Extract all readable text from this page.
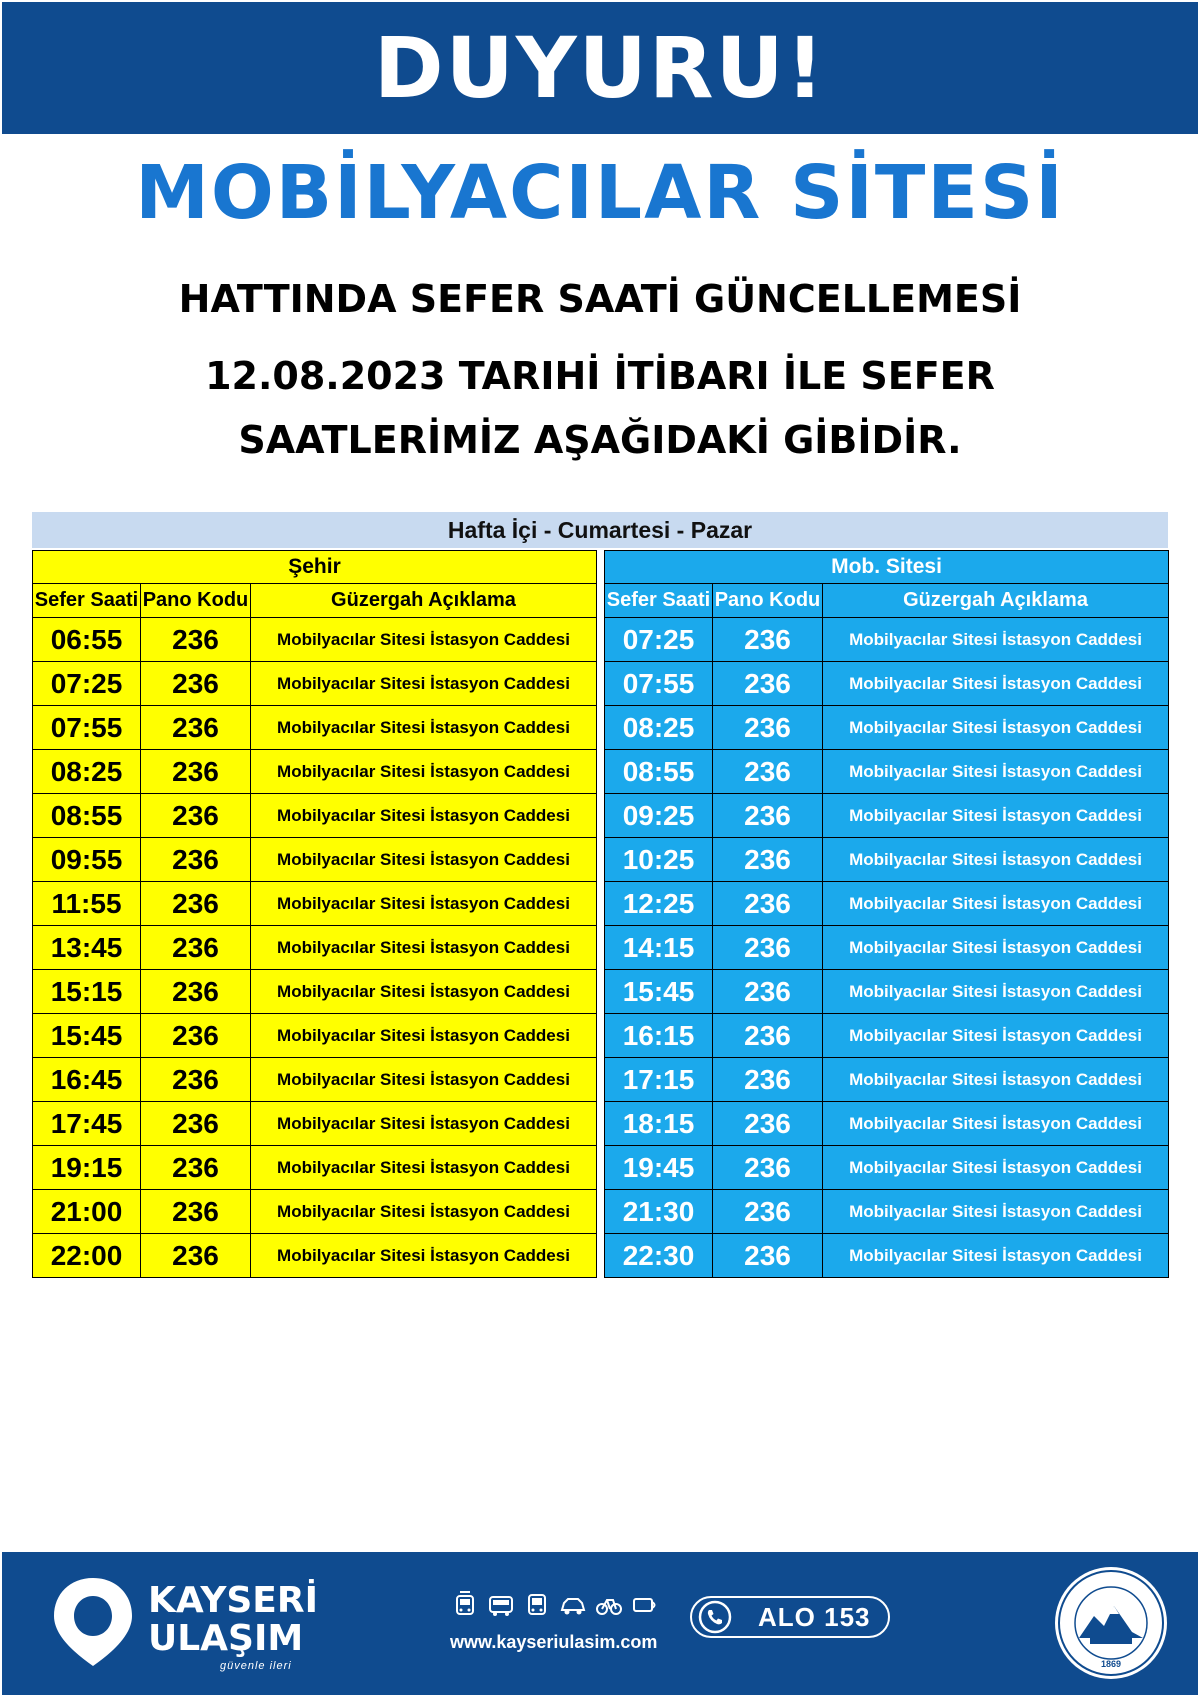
DUYURU!
MOBİLYACILAR SİTESİ
HATTINDA SEFER SAATİ GÜNCELLEMESİ
12.08.2023 TARIHİ İTİBARI İLE SEFER
SAATLERİMİZ AŞAĞIDAKİ GİBİDİR.
Hafta İçi - Cumartesi - Pazar
Şehir		
Sefer Saati	Pano Kodu	Güzergah Açıklama
06:55	236	Mobilyacılar Sitesi İstasyon Caddesi
07:25	236	Mobilyacılar Sitesi İstasyon Caddesi
07:55	236	Mobilyacılar Sitesi İstasyon Caddesi
08:25	236	Mobilyacılar Sitesi İstasyon Caddesi
08:55	236	Mobilyacılar Sitesi İstasyon Caddesi
09:55	236	Mobilyacılar Sitesi İstasyon Caddesi
11:55	236	Mobilyacılar Sitesi İstasyon Caddesi
13:45	236	Mobilyacılar Sitesi İstasyon Caddesi
15:15	236	Mobilyacılar Sitesi İstasyon Caddesi
15:45	236	Mobilyacılar Sitesi İstasyon Caddesi
16:45	236	Mobilyacılar Sitesi İstasyon Caddesi
17:45	236	Mobilyacılar Sitesi İstasyon Caddesi
19:15	236	Mobilyacılar Sitesi İstasyon Caddesi
21:00	236	Mobilyacılar Sitesi İstasyon Caddesi
22:00	236	Mobilyacılar Sitesi İstasyon Caddesi
Mob. Sitesi		
Sefer Saati	Pano Kodu	Güzergah Açıklama
07:25	236	Mobilyacılar Sitesi İstasyon Caddesi
07:55	236	Mobilyacılar Sitesi İstasyon Caddesi
08:25	236	Mobilyacılar Sitesi İstasyon Caddesi
08:55	236	Mobilyacılar Sitesi İstasyon Caddesi
09:25	236	Mobilyacılar Sitesi İstasyon Caddesi
10:25	236	Mobilyacılar Sitesi İstasyon Caddesi
12:25	236	Mobilyacılar Sitesi İstasyon Caddesi
14:15	236	Mobilyacılar Sitesi İstasyon Caddesi
15:45	236	Mobilyacılar Sitesi İstasyon Caddesi
16:15	236	Mobilyacılar Sitesi İstasyon Caddesi
17:15	236	Mobilyacılar Sitesi İstasyon Caddesi
18:15	236	Mobilyacılar Sitesi İstasyon Caddesi
19:45	236	Mobilyacılar Sitesi İstasyon Caddesi
21:30	236	Mobilyacılar Sitesi İstasyon Caddesi
22:30	236	Mobilyacılar Sitesi İstasyon Caddesi
KAYSERİ
ULAŞIM
güvenle ileri
www.kayseriulasim.com
ALO 153
1869
